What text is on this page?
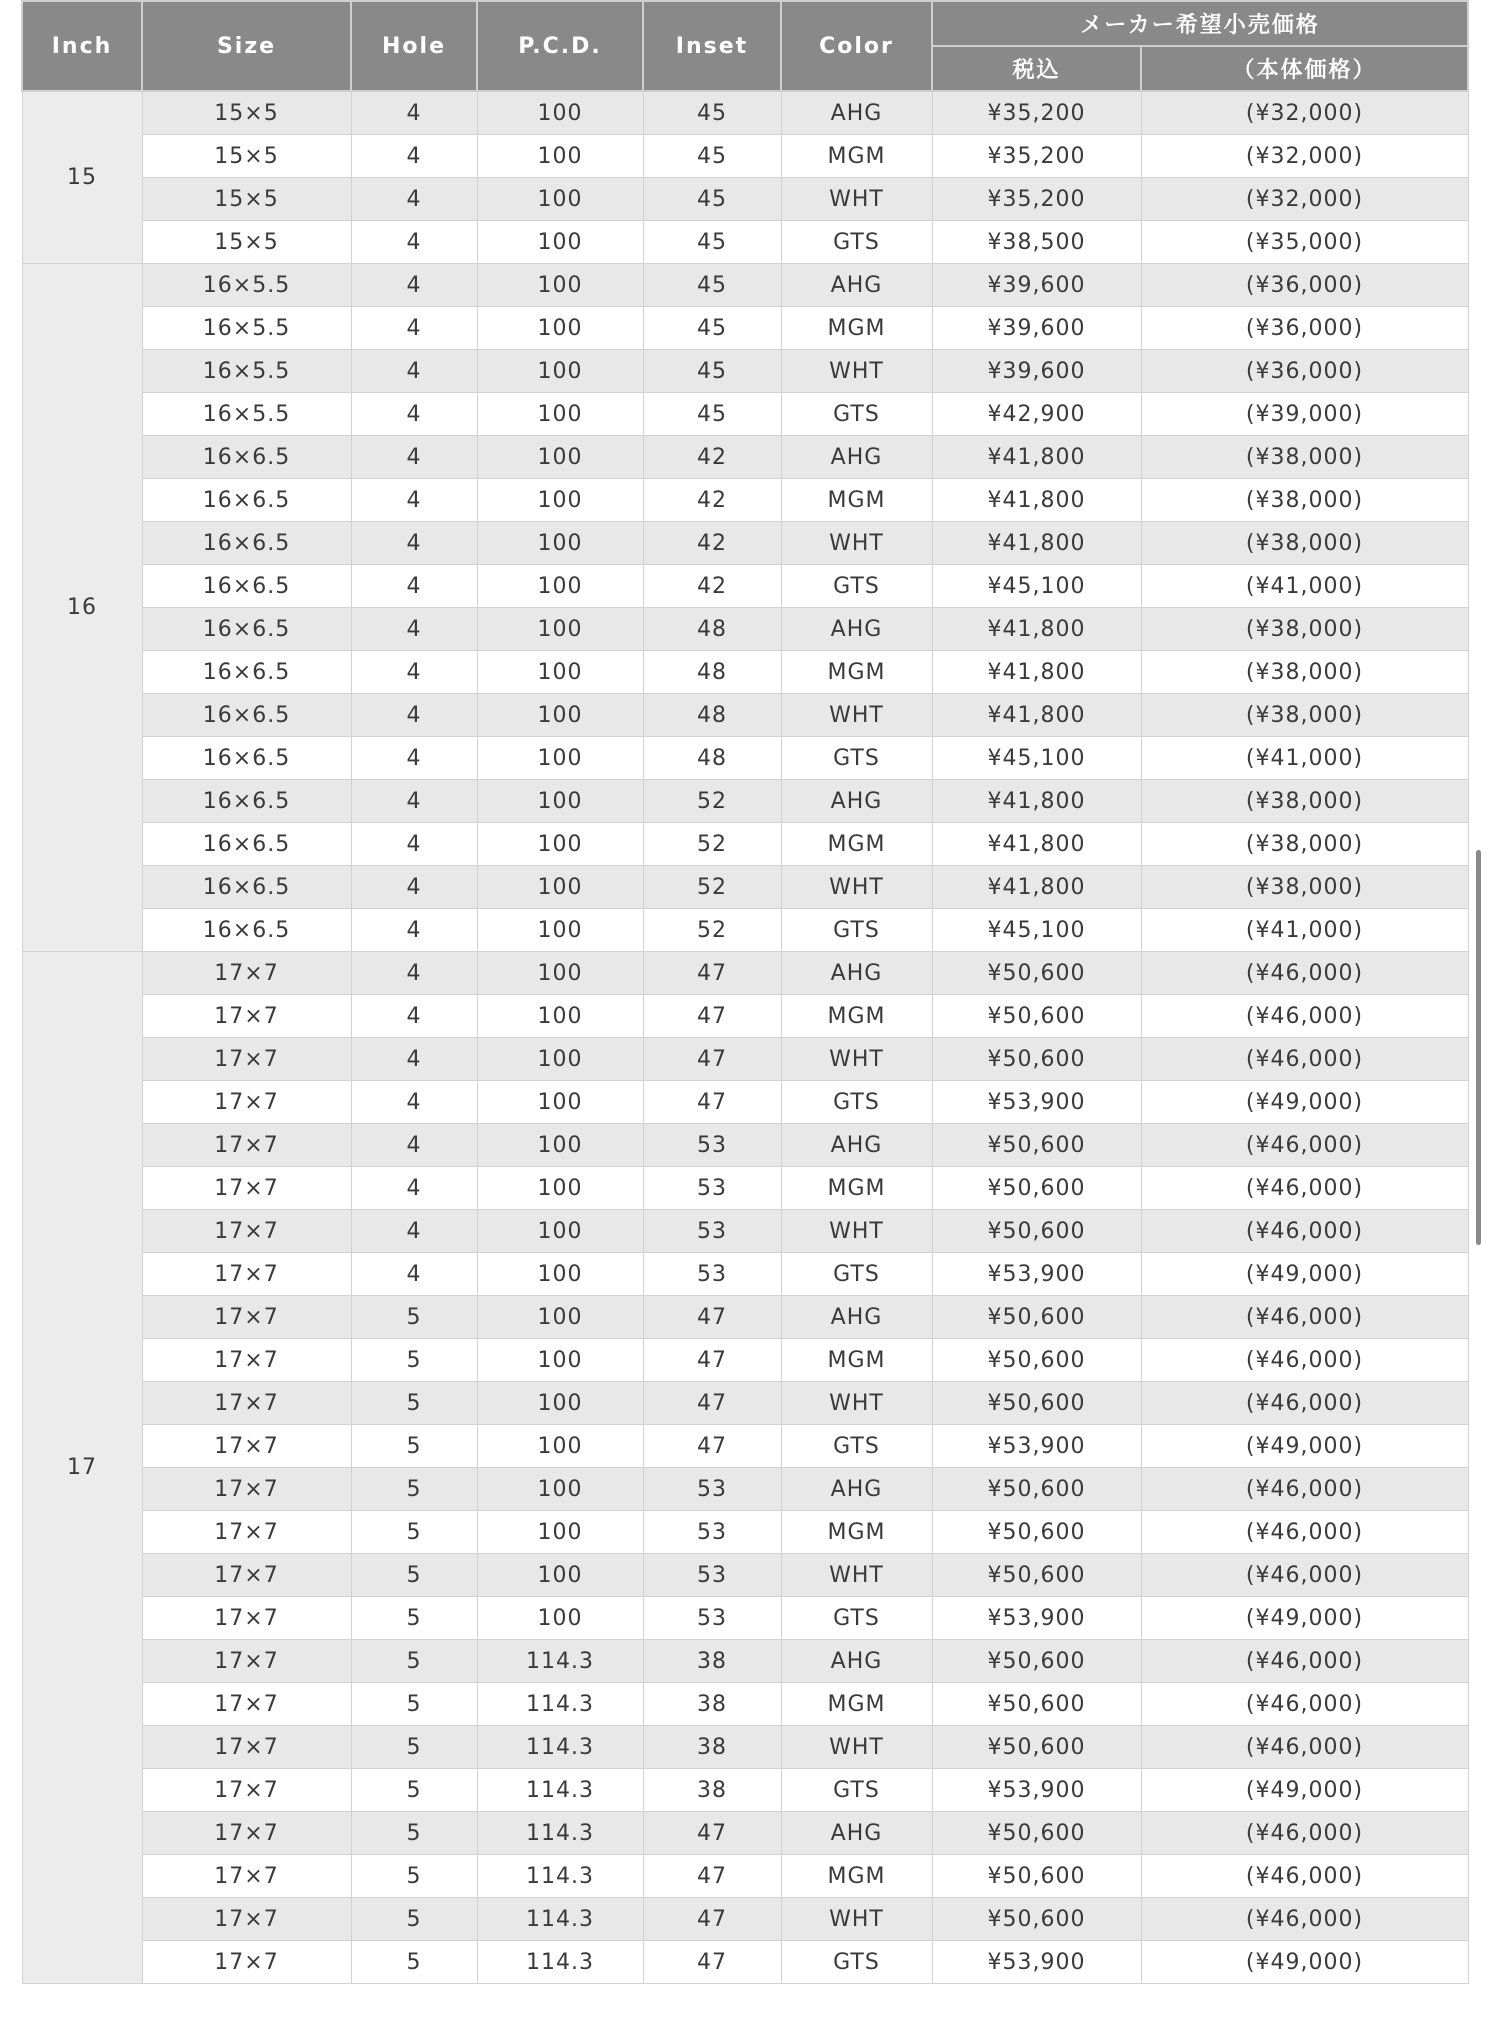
Inch	Size	Hole	P.C.D.	Inset	Color	メーカー希望小売価格	
						税込	（本体価格）
15	15×5	4	100	45	AHG	¥35,200	(¥32,000)
	15×5	4	100	45	MGM	¥35,200	(¥32,000)
	15×5	4	100	45	WHT	¥35,200	(¥32,000)
	15×5	4	100	45	GTS	¥38,500	(¥35,000)
16	16×5.5	4	100	45	AHG	¥39,600	(¥36,000)
	16×5.5	4	100	45	MGM	¥39,600	(¥36,000)
	16×5.5	4	100	45	WHT	¥39,600	(¥36,000)
	16×5.5	4	100	45	GTS	¥42,900	(¥39,000)
	16×6.5	4	100	42	AHG	¥41,800	(¥38,000)
	16×6.5	4	100	42	MGM	¥41,800	(¥38,000)
	16×6.5	4	100	42	WHT	¥41,800	(¥38,000)
	16×6.5	4	100	42	GTS	¥45,100	(¥41,000)
	16×6.5	4	100	48	AHG	¥41,800	(¥38,000)
	16×6.5	4	100	48	MGM	¥41,800	(¥38,000)
	16×6.5	4	100	48	WHT	¥41,800	(¥38,000)
	16×6.5	4	100	48	GTS	¥45,100	(¥41,000)
	16×6.5	4	100	52	AHG	¥41,800	(¥38,000)
	16×6.5	4	100	52	MGM	¥41,800	(¥38,000)
	16×6.5	4	100	52	WHT	¥41,800	(¥38,000)
	16×6.5	4	100	52	GTS	¥45,100	(¥41,000)
17	17×7	4	100	47	AHG	¥50,600	(¥46,000)
	17×7	4	100	47	MGM	¥50,600	(¥46,000)
	17×7	4	100	47	WHT	¥50,600	(¥46,000)
	17×7	4	100	47	GTS	¥53,900	(¥49,000)
	17×7	4	100	53	AHG	¥50,600	(¥46,000)
	17×7	4	100	53	MGM	¥50,600	(¥46,000)
	17×7	4	100	53	WHT	¥50,600	(¥46,000)
	17×7	4	100	53	GTS	¥53,900	(¥49,000)
	17×7	5	100	47	AHG	¥50,600	(¥46,000)
	17×7	5	100	47	MGM	¥50,600	(¥46,000)
	17×7	5	100	47	WHT	¥50,600	(¥46,000)
	17×7	5	100	47	GTS	¥53,900	(¥49,000)
	17×7	5	100	53	AHG	¥50,600	(¥46,000)
	17×7	5	100	53	MGM	¥50,600	(¥46,000)
	17×7	5	100	53	WHT	¥50,600	(¥46,000)
	17×7	5	100	53	GTS	¥53,900	(¥49,000)
	17×7	5	114.3	38	AHG	¥50,600	(¥46,000)
	17×7	5	114.3	38	MGM	¥50,600	(¥46,000)
	17×7	5	114.3	38	WHT	¥50,600	(¥46,000)
	17×7	5	114.3	38	GTS	¥53,900	(¥49,000)
	17×7	5	114.3	47	AHG	¥50,600	(¥46,000)
	17×7	5	114.3	47	MGM	¥50,600	(¥46,000)
	17×7	5	114.3	47	WHT	¥50,600	(¥46,000)
	17×7	5	114.3	47	GTS	¥53,900	(¥49,000)
